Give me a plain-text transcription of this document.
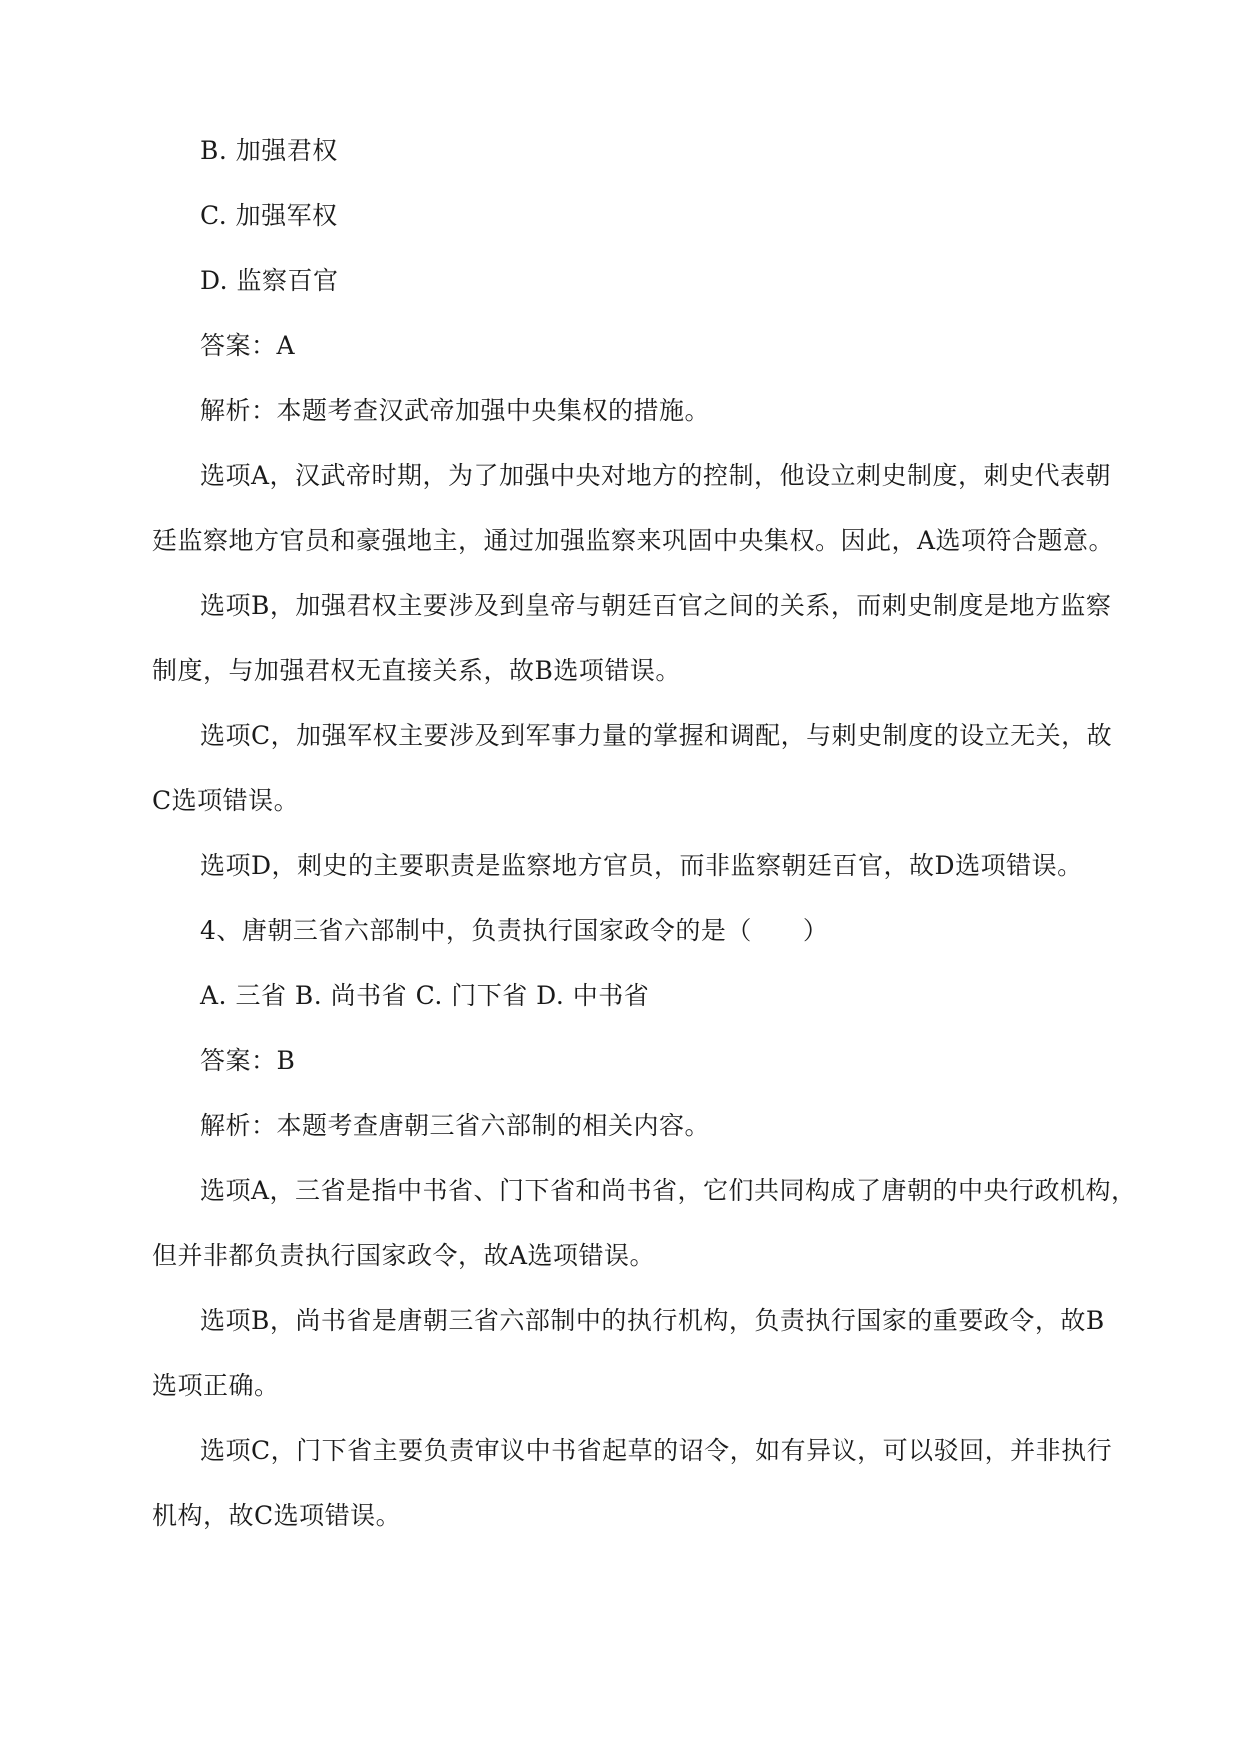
B. 加强君权
C. 加强军权
D. 监察百官
答案：A
解析：本题考查汉武帝加强中央集权的措施。
选项A，汉武帝时期，为了加强中央对地方的控制，他设立刺史制度，刺史代表朝
廷监察地方官员和豪强地主，通过加强监察来巩固中央集权。因此，A选项符合题意。
选项B，加强君权主要涉及到皇帝与朝廷百官之间的关系，而刺史制度是地方监察
制度，与加强君权无直接关系，故B选项错误。
选项C，加强军权主要涉及到军事力量的掌握和调配，与刺史制度的设立无关，故
C选项错误。
选项D，刺史的主要职责是监察地方官员，而非监察朝廷百官，故D选项错误。
4、唐朝三省六部制中，负责执行国家政令的是（　　）
A. 三省 B. 尚书省 C. 门下省 D. 中书省
答案：B
解析：本题考查唐朝三省六部制的相关内容。
选项A，三省是指中书省、门下省和尚书省，它们共同构成了唐朝的中央行政机构，
但并非都负责执行国家政令，故A选项错误。
选项B，尚书省是唐朝三省六部制中的执行机构，负责执行国家的重要政令，故B
选项正确。
选项C，门下省主要负责审议中书省起草的诏令，如有异议，可以驳回，并非执行
机构，故C选项错误。
